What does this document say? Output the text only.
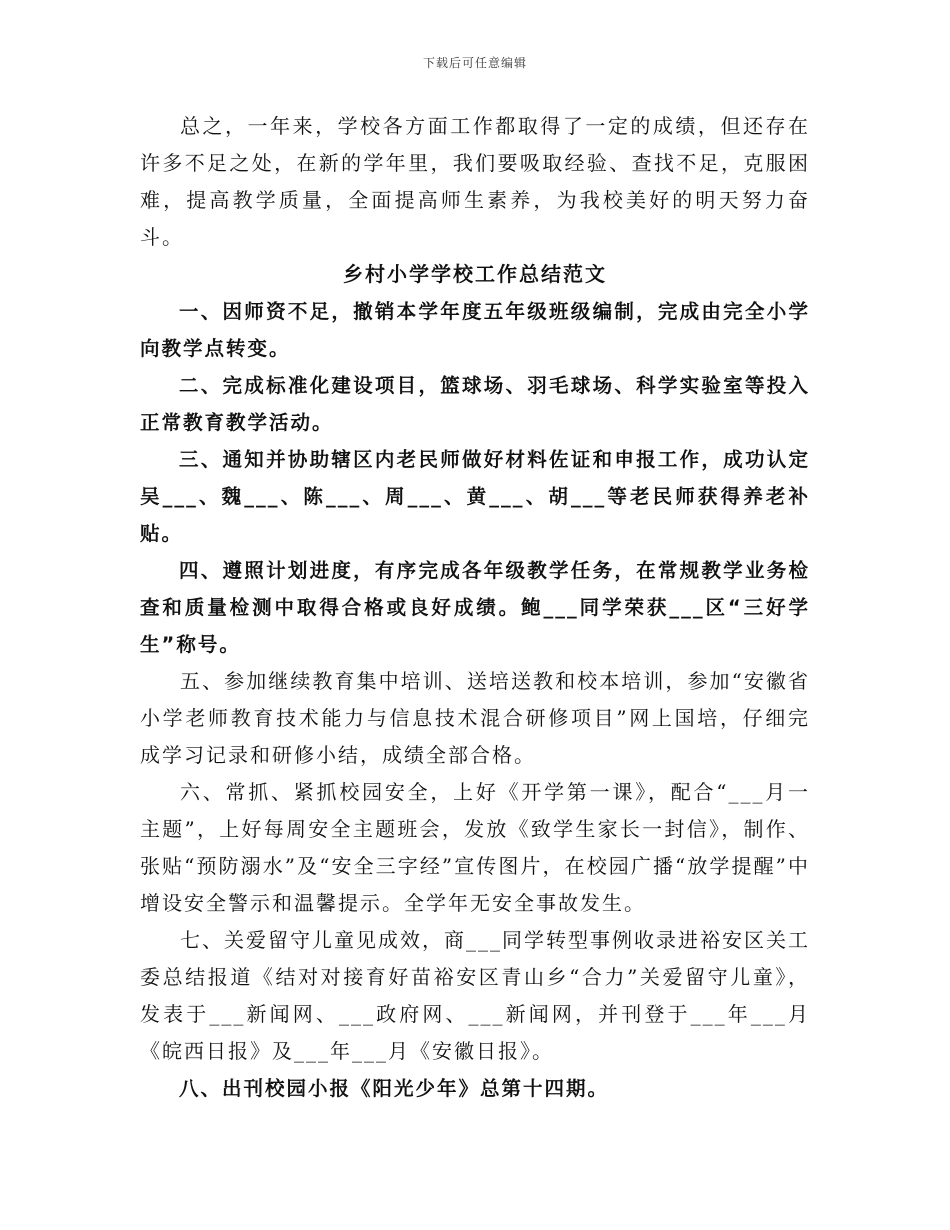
下载后可任意编辑

总之，一年来，学校各方面工作都取得了一定的成绩，但还存在许多不足之处，在新的学年里，我们要吸取经验、查找不足，克服困难，提高教学质量，全面提高师生素养，为我校美好的明天努力奋斗。

乡村小学学校工作总结范文

一、因师资不足，撤销本学年度五年级班级编制，完成由完全小学向教学点转变。

二、完成标准化建设项目，篮球场、羽毛球场、科学实验室等投入正常教育教学活动。

三、通知并协助辖区内老民师做好材料佐证和申报工作，成功认定吴___、魏___、陈___、周___、黄___、胡___等老民师获得养老补贴。

四、遵照计划进度，有序完成各年级教学任务，在常规教学业务检查和质量检测中取得合格或良好成绩。鲍___同学荣获___区“三好学生”称号。

五、参加继续教育集中培训、送培送教和校本培训，参加“安徽省小学老师教育技术能力与信息技术混合研修项目”网上国培，仔细完成学习记录和研修小结，成绩全部合格。

六、常抓、紧抓校园安全，上好《开学第一课》，配合“___月一主题”，上好每周安全主题班会，发放《致学生家长一封信》，制作、张贴“预防溺水”及“安全三字经”宣传图片，在校园广播“放学提醒”中增设安全警示和温馨提示。全学年无安全事故发生。

七、关爱留守儿童见成效，商___同学转型事例收录进裕安区关工委总结报道《结对对接育好苗裕安区青山乡“合力”关爱留守儿童》，发表于___新闻网、___政府网、___新闻网，并刊登于___年___月《皖西日报》及___年___月《安徽日报》。

八、出刊校园小报《阳光少年》总第十四期。
